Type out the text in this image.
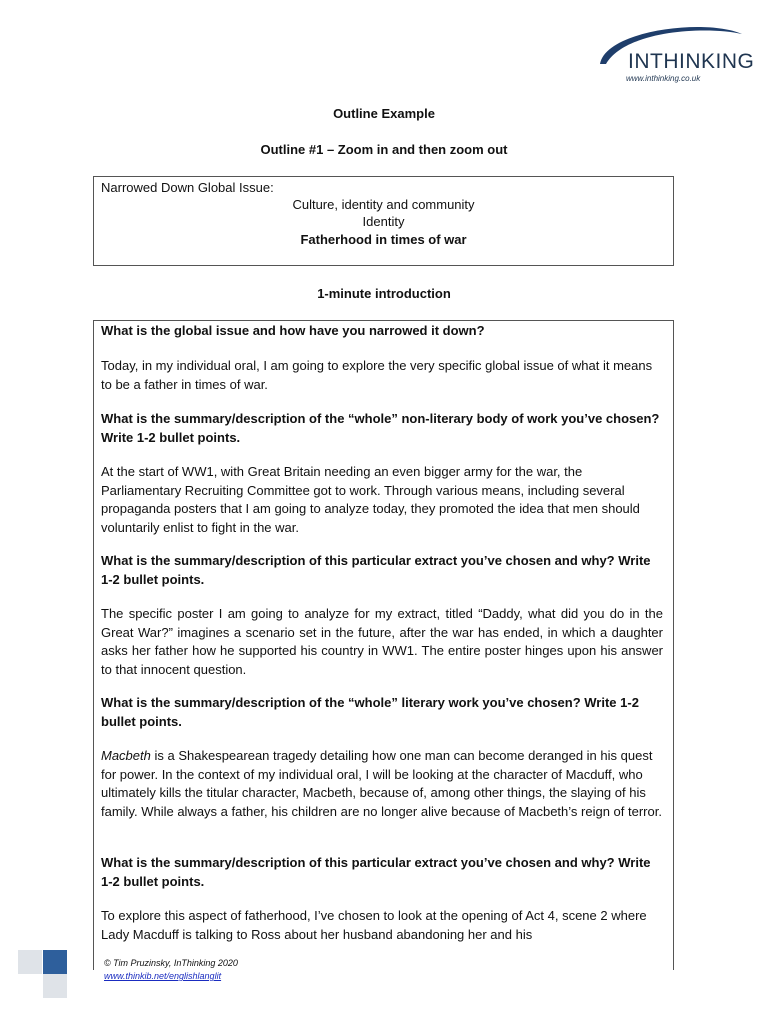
INTHINKING
www.inthinking.co.uk
Outline Example
Outline #1 – Zoom in and then zoom out
Narrowed Down Global Issue:
Culture, identity and community
Identity
Fatherhood in times of war
1-minute introduction
What is the global issue and how have you narrowed it down?
Today, in my individual oral, I am going to explore the very specific global issue of what it means to be a father in times of war.
What is the summary/description of the “whole” non-literary body of work you’ve chosen? Write 1-2 bullet points.
At the start of WW1, with Great Britain needing an even bigger army for the war, the Parliamentary Recruiting Committee got to work. Through various means, including several propaganda posters that I am going to analyze today, they promoted the idea that men should voluntarily enlist to fight in the war.
What is the summary/description of this particular extract you’ve chosen and why? Write 1-2 bullet points.
The specific poster I am going to analyze for my extract, titled “Daddy, what did you do in the Great War?” imagines a scenario set in the future, after the war has ended, in which a daughter asks her father how he supported his country in WW1. The entire poster hinges upon his answer to that innocent question.
What is the summary/description of the “whole” literary work you’ve chosen? Write 1-2 bullet points.
Macbeth is a Shakespearean tragedy detailing how one man can become deranged in his quest for power. In the context of my individual oral, I will be looking at the character of Macduff, who ultimately kills the titular character, Macbeth, because of, among other things, the slaying of his family. While always a father, his children are no longer alive because of Macbeth’s reign of terror.
What is the summary/description of this particular extract you’ve chosen and why? Write 1-2 bullet points.
To explore this aspect of fatherhood, I’ve chosen to look at the opening of Act 4, scene 2 where Lady Macduff is talking to Ross about her husband abandoning her and his
© Tim Pruzinsky, InThinking 2020
www.thinkib.net/englishlanglit
